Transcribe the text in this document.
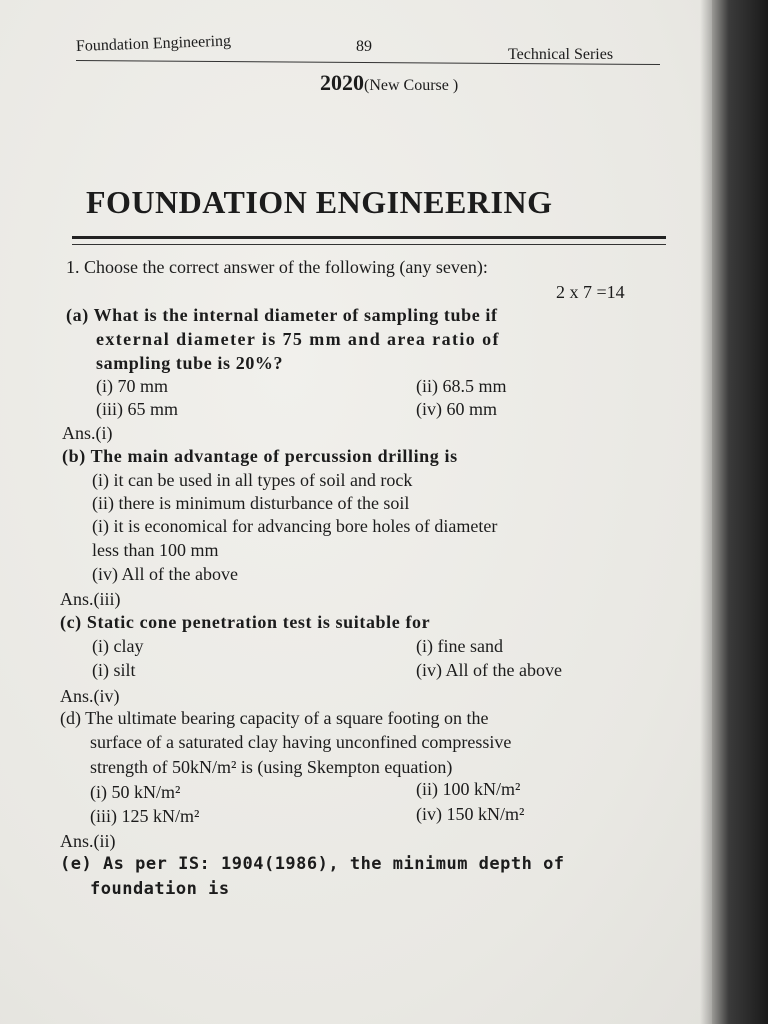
Foundation Engineering	89	Technical Series
2020(New Course )
FOUNDATION ENGINEERING
1. Choose the correct answer of the following (any seven):
2 x 7 =14
(a) What is the internal diameter of sampling tube if
external diameter is 75 mm and area ratio of
sampling tube is 20%?
(i) 70 mm	(ii) 68.5 mm
(iii) 65 mm	(iv) 60 mm
Ans.(i)
(b) The main advantage of percussion drilling is
(i) it can be used in all types of soil and rock
(ii) there is minimum disturbance of the soil
(i) it is economical for advancing bore holes of diameter
less than 100 mm
(iv) All of the above
Ans.(iii)
(c) Static cone penetration test is suitable for
(i) clay	(i) fine sand
(i) silt	(iv) All of the above
Ans.(iv)
(d) The ultimate bearing capacity of a square footing on the
surface of a saturated clay having unconfined compressive
strength of 50kN/m² is (using Skempton equation)
(i) 50 kN/m²	(ii) 100 kN/m²
(iii) 125 kN/m²	(iv) 150 kN/m²
Ans.(ii)
(e) As per IS: 1904(1986), the minimum depth of
foundation is
